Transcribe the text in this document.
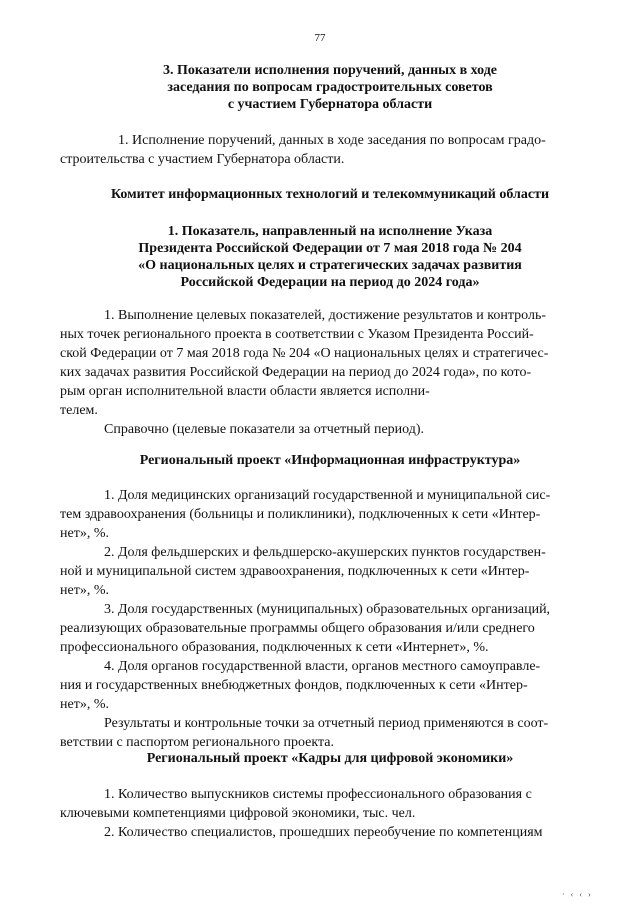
77
3. Показатели исполнения поручений, данных в ходе
заседания по вопросам градостроительных советов
с участием Губернатора области
1. Исполнение поручений, данных в ходе заседания по вопросам градо-
строительства с участием Губернатора области.
Комитет информационных технологий и телекоммуникаций области
1. Показатель, направленный на исполнение Указа
Президента Российской Федерации от 7 мая 2018 года № 204
«О национальных целях и стратегических задачах развития
Российской Федерации на период до 2024 года»
1. Выполнение целевых показателей, достижение результатов и контроль-
ных точек регионального проекта в соответствии с Указом Президента Россий-
ской Федерации от 7 мая 2018 года № 204 «О национальных целях и стратегичес-
ких задачах развития Российской Федерации на период до 2024 года», по кото-
рым орган исполнительной власти области является исполни-
телем.
Справочно (целевые показатели за отчетный период).
Региональный проект «Информационная инфраструктура»
1. Доля медицинских организаций государственной и муниципальной сис-
тем здравоохранения (больницы и поликлиники), подключенных к сети «Интер-
нет», %.
2. Доля фельдшерских и фельдшерско-акушерских пунктов государствен-
ной и муниципальной систем здравоохранения, подключенных к сети «Интер-
нет», %.
3. Доля государственных (муниципальных) образовательных организаций,
реализующих образовательные программы общего образования и/или среднего
профессионального образования, подключенных к сети «Интернет», %.
4. Доля органов государственной власти, органов местного самоуправле-
ния и государственных внебюджетных фондов, подключенных к сети «Интер-
нет», %.
Результаты и контрольные точки за отчетный период применяются в соот-
ветствии с паспортом регионального проекта.
Региональный проект «Кадры для цифровой экономики»
1. Количество выпускников системы профессионального образования с
ключевыми компетенциями цифровой экономики, тыс. чел.
2. Количество специалистов, прошедших переобучение по компетенциям
· ‹ ‹ ›
